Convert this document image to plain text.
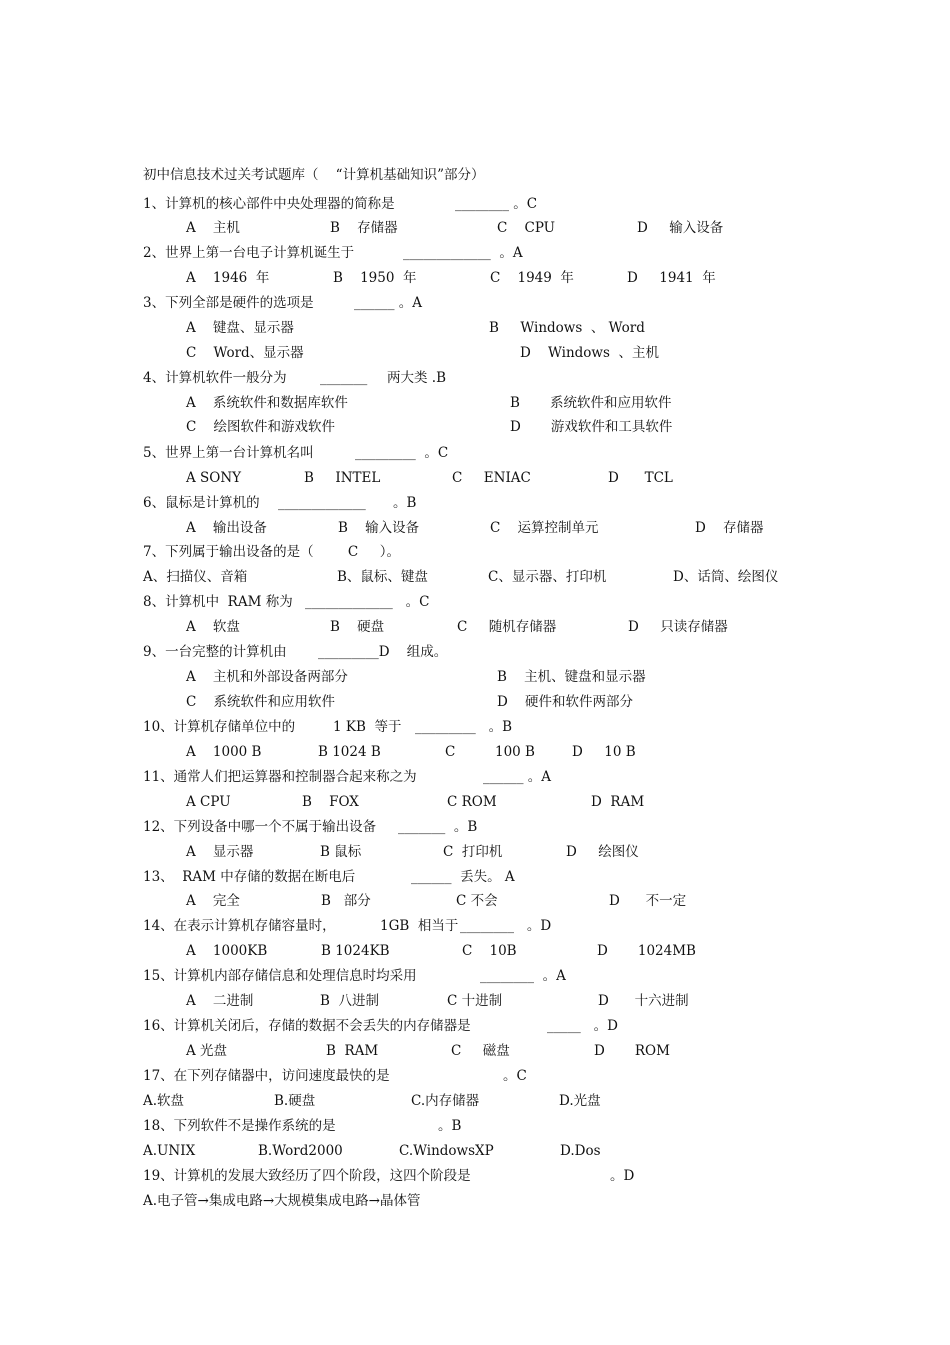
初中信息技术过关考试题库（    “计算机基础知识”部分）
1、计算机的核心部件中央处理器的简称是	________ 。C
A    主机	B    存储器	C    CPU	D     输入设备
2、世界上第一台电子计算机诞生于	_____________  。A
A    1946  年	B    1950  年	C    1949  年	D     1941  年
3、下列全部是硬件的选项是	______ 。A
A    键盘、显示器	B     Windows  、 Word
C    Word、显示器	D    Windows  、主机
4、计算机软件一般分为 _______ 两大类 .B
A    系统软件和数据库软件	B       系统软件和应用软件
C    绘图软件和游戏软件	D       游戏软件和工具软件
5、世界上第一台计算机名叫	_________  。C
A SONY	B     INTEL	C     ENIAC	D      TCL
6、鼠标是计算机的 _____________ 。B
A    输出设备	B    输入设备	C    运算控制单元	D    存储器
7、下列属于输出设备的是（        C     ）。
A、扫描仪、音箱	B、鼠标、键盘	C、显示器、打印机	D、话筒、绘图仪
8、计算机中  RAM 称为 _____________   。C
A    软盘	B    硬盘	C     随机存储器	D     只读存储器
9、一台完整的计算机由 _________D    组成。
A    主机和外部设备两部分	B    主机、键盘和显示器
C    系统软件和应用软件	D    硬件和软件两部分
10、计算机存储单位中的	1 KB  等于 _________   。B
A    1000 B	B 1024 B	C	100 B	D     10 B
11、通常人们把运算器和控制器合起来称之为	______ 。A
A CPU	B    FOX	C ROM	D  RAM
12、下列设备中哪一个不属于输出设备 _______  。B
A    显示器	B 鼠标	C  打印机	D     绘图仪
13、  RAM 中存储的数据在断电后	______  丢失。 A
A    完全	B   部分	C 不会	D      不一定
14、在表示计算机存储容量时，	1GB  相当于 ________   。D
A    1000KB	B 1024KB	C    10B	D       1024MB
15、计算机内部存储信息和处理信息时均采用	________  。A
A    二进制	B  八进制	C 十进制	D      十六进制
16、计算机关闭后，存储的数据不会丢失的内存储器是	_____   。D
A 光盘	B  RAM	C     磁盘	D       ROM
17、在下列存储器中，访问速度最快的是	。C
A.软盘	B.硬盘	C.内存储器	D.光盘
18、下列软件不是操作系统的是	。B
A.UNIX	B.Word2000	C.WindowsXP	D.Dos
19、计算机的发展大致经历了四个阶段，这四个阶段是	。D
A.电子管→集成电路→大规模集成电路→晶体管
